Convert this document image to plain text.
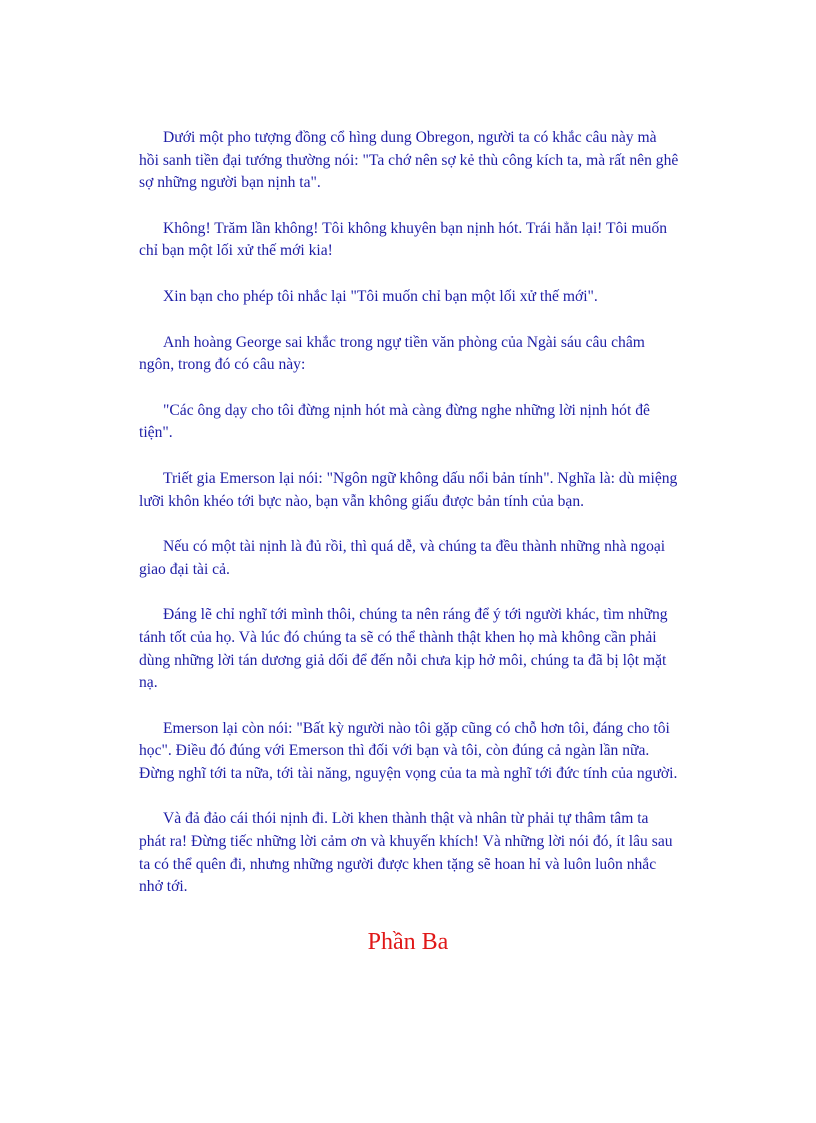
Dưới một pho tượng đồng cổ hìng dung Obregon, người ta có khắc câu này mà hồi sanh tiền đại tướng thường nói: "Ta chớ nên sợ kẻ thù công kích ta, mà rất nên ghê sợ những người bạn nịnh ta".

Không! Trăm lần không! Tôi không khuyên bạn nịnh hót. Trái hẳn lại! Tôi muốn chỉ bạn một lối xử thế mới kia!

Xin bạn cho phép tôi nhắc lại "Tôi muốn chỉ bạn một lối xử thế mới".

Anh hoàng George sai khắc trong ngự tiền văn phòng của Ngài sáu câu châm ngôn, trong đó có câu này:

"Các ông dạy cho tôi đừng nịnh hót mà càng đừng nghe những lời nịnh hót đê tiện".

Triết gia Emerson lại nói: "Ngôn ngữ không dấu nổi bản tính". Nghĩa là: dù miệng lưỡi khôn khéo tới bực nào, bạn vẫn không giấu được bản tính của bạn.

Nếu có một tài nịnh là đủ rồi, thì quá dễ, và chúng ta đều thành những nhà ngoại giao đại tài cả.

Đáng lẽ chỉ nghĩ tới mình thôi, chúng ta nên ráng để ý tới người khác, tìm những tánh tốt của họ. Và lúc đó chúng ta sẽ có thể thành thật khen họ mà không cần phải dùng những lời tán dương giả dối để đến nỗi chưa kịp hở môi, chúng ta đã bị lột mặt nạ.

Emerson lại còn nói: "Bất kỳ người nào tôi gặp cũng có chỗ hơn tôi, đáng cho tôi học". Điều đó đúng với Emerson thì đối với bạn và tôi, còn đúng cả ngàn lần nữa. Đừng nghĩ tới ta nữa, tới tài năng, nguyện vọng của ta mà nghĩ tới đức tính của người.

Và đả đảo cái thói nịnh đi. Lời khen thành thật và nhân từ phải tự thâm tâm ta phát ra! Đừng tiếc những lời cảm ơn và khuyến khích! Và những lời nói đó, ít lâu sau ta có thể quên đi, nhưng những người được khen tặng sẽ hoan hỉ và luôn luôn nhắc nhở tới.

Phần Ba
